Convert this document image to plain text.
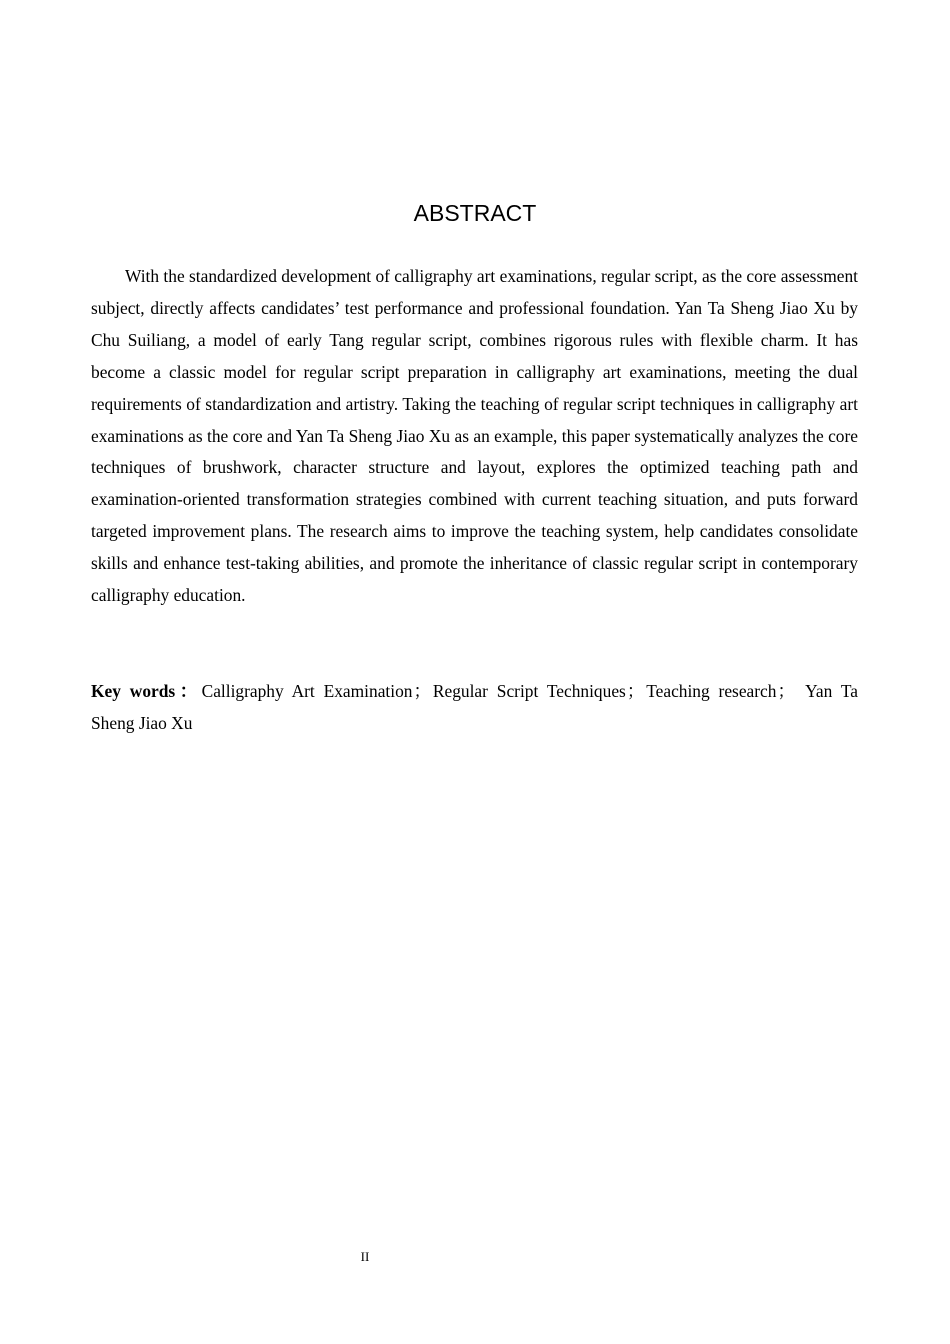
ABSTRACT

With the standardized development of calligraphy art examinations, regular script, as the core assessment subject, directly affects candidates’ test performance and professional foundation. Yan Ta Sheng Jiao Xu by Chu Suiliang, a model of early Tang regular script, combines rigorous rules with flexible charm. It has become a classic model for regular script preparation in calligraphy art examinations, meeting the dual requirements of standardization and artistry. Taking the teaching of regular script techniques in calligraphy art examinations as the core and Yan Ta Sheng Jiao Xu as an example, this paper systematically analyzes the core techniques of brushwork, character structure and layout, explores the optimized teaching path and examination-oriented transformation strategies combined with current teaching situation, and puts forward targeted improvement plans. The research aims to improve the teaching system, help candidates consolidate skills and enhance test-taking abilities, and promote the inheritance of classic regular script in contemporary calligraphy education.

Key words：Calligraphy Art Examination； Regular Script Techniques； Teaching research； Yan Ta Sheng Jiao Xu

II
